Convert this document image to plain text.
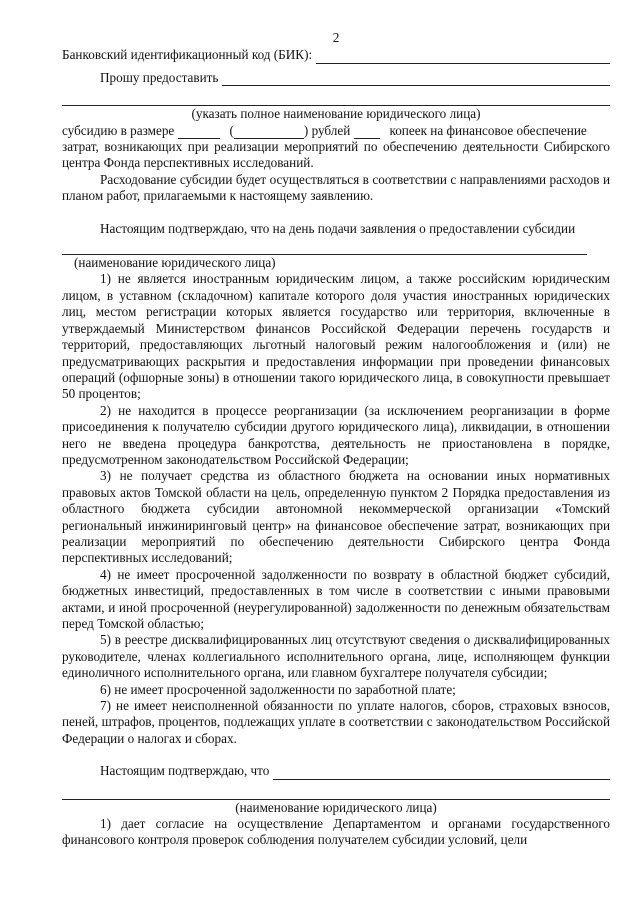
2
Банковский идентификационный код (БИК):
Прошу предоставить
(указать полное наименование юридического лица)
субсидию в размере

	(	) рублей

	копеек на финансовое обеспечение
затрат, возникающих при реализации мероприятий по обеспечению деятельности Сибирского центра Фонда перспективных исследований.
Расходование субсидии будет осуществляться в соответствии с направлениями расходов и планом работ, прилагаемыми к настоящему заявлению.
Настоящим подтверждаю, что на день подачи заявления о предоставлении субсидии
(наименование юридического лица)
1) не является иностранным юридическим лицом, а также российским юридическим лицом, в уставном (складочном) капитале которого доля участия иностранных юридических лиц, местом регистрации которых является государство или территория, включенные в утверждаемый Министерством финансов Российской Федерации перечень государств и территорий, предоставляющих льготный налоговый режим налогообложения и (или) не предусматривающих раскрытия и предоставления информации при проведении финансовых операций (офшорные зоны) в отношении такого юридического лица, в совокупности превышает 50 процентов;
2) не находится в процессе реорганизации (за исключением реорганизации в форме присоединения к получателю субсидии другого юридического лица), ликвидации, в отношении него не введена процедура банкротства, деятельность не приостановлена в порядке, предусмотренном законодательством Российской Федерации;
3) не получает средства из областного бюджета на основании иных нормативных правовых актов Томской области на цель, определенную пунктом 2 Порядка предоставления из областного бюджета субсидии автономной некоммерческой организации «Томский региональный инжиниринговый центр» на финансовое обеспечение затрат, возникающих при реализации мероприятий по обеспечению деятельности Сибирского центра Фонда перспективных исследований;
4) не имеет просроченной задолженности по возврату в областной бюджет субсидий, бюджетных инвестиций, предоставленных в том числе в соответствии с иными правовыми актами, и иной просроченной (неурегулированной) задолженности по денежным обязательствам перед Томской областью;
5) в реестре дисквалифицированных лиц отсутствуют сведения о дисквалифицированных руководителе, членах коллегиального исполнительного органа, лице, исполняющем функции единоличного исполнительного органа, или главном бухгалтере получателя субсидии;
6) не имеет просроченной задолженности по заработной плате;
7) не имеет неисполненной обязанности по уплате налогов, сборов, страховых взносов, пеней, штрафов, процентов, подлежащих уплате в соответствии с законодательством Российской Федерации о налогах и сборах.
Настоящим подтверждаю, что
(наименование юридического лица)
1) дает согласие на осуществление Департаментом и органами государственного финансового контроля проверок соблюдения получателем субсидии условий, цели
